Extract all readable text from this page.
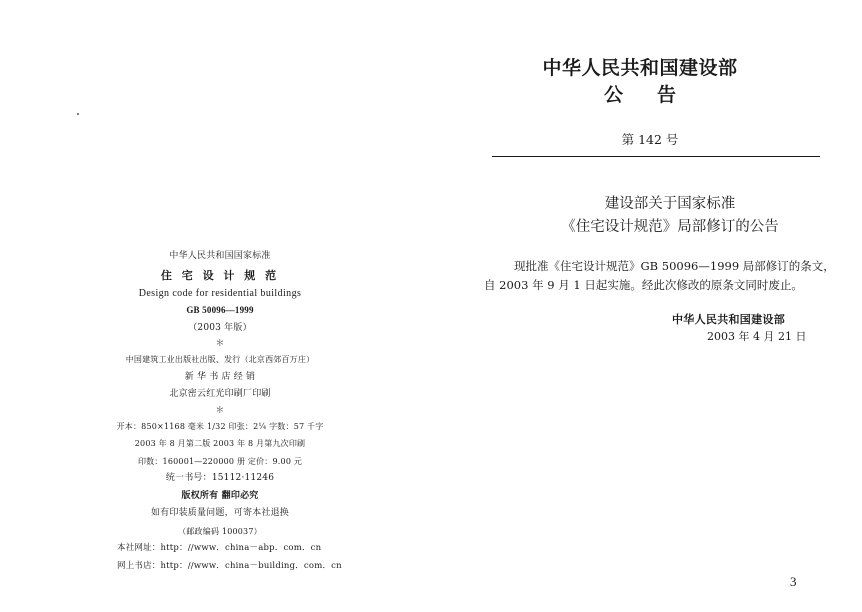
中华人民共和国国家标准
住 宅 设 计 规 范
Design code for residential buildings
GB 50096—1999
（2003 年版）
＊
中国建筑工业出版社出版、发行（北京西郊百万庄）
新 华 书 店 经 销
北京密云红光印刷厂印刷
＊
开本：850×1168 毫米 1/32 印张：2¼ 字数：57 千字
2003 年 8 月第二版 2003 年 8 月第九次印刷
印数：160001—220000 册 定价：9.00 元
统一书号：15112·11246
版权所有 翻印必究
如有印装质量问题，可寄本社退换
（邮政编码 100037）
本社网址：http：//www．china－abp．com．cn
网上书店：http：//www．china－building．com．cn
中华人民共和国建设部
公告
第 142 号
建设部关于国家标准
《住宅设计规范》局部修订的公告
现批准《住宅设计规范》GB 50096—1999 局部修订的条文，
自 2003 年 9 月 1 日起实施。经此次修改的原条文同时废止。
中华人民共和国建设部
2003 年 4 月 21 日
3
